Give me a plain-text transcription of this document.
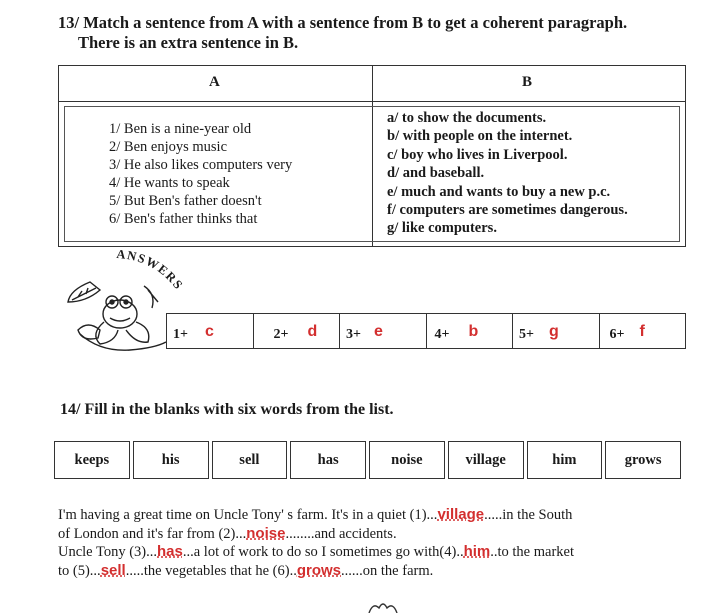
13/ Match a sentence from A with a sentence from B to get a coherent paragraph.
There is an extra sentence in B.
A	B
1/ Ben is a nine-year old
2/ Ben enjoys music
3/ He also likes computers very
4/ He wants to speak
5/ But Ben's father doesn't
6/ Ben's father thinks that
a/ to show the documents.
b/ with people on the internet.
c/ boy who lives in Liverpool.
d/ and baseball.
e/ much and wants to buy a new p.c.
f/ computers are sometimes dangerous.
g/ like computers.
ANSWERS
1+ c	2+ d 3+ e	4+ b	5+ g	6+ f
14/ Fill in the blanks with six words from the list.
keeps	his	sell	has	noise	village	him	grows
I'm having a great time on Uncle Tony' s farm. It's in a quiet (1)...village.....in the South
of London and it's far from (2)...noise........and accidents.
Uncle Tony (3)...has...a lot of work to do so I sometimes go with(4)..him..to the market
to (5)...sell.....the vegetables that he (6)..grows......on the farm.
